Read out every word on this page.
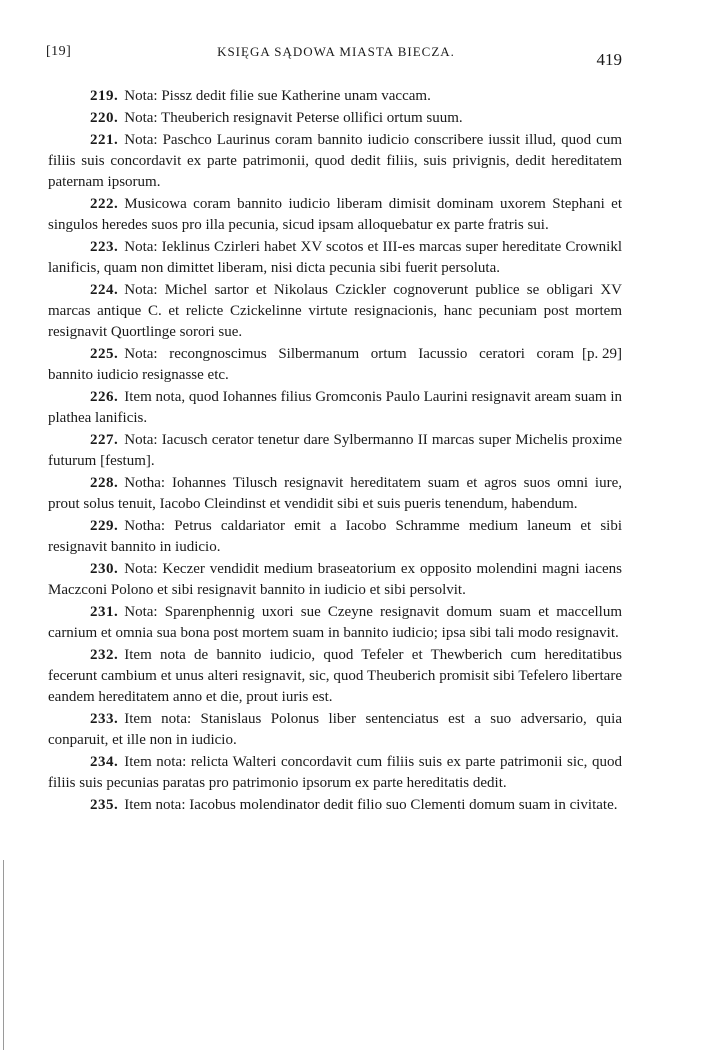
[19]	KSIĘGA SĄDOWA MIASTA BIECZA.	419

219. Nota: Pissz dedit filie sue Katherine unam vaccam.

220. Nota: Theuberich resignavit Peterse ollifici ortum suum.

221. Nota: Paschco Laurinus coram bannito iudicio conscribere iussit illud, quod cum filiis suis concordavit ex parte patrimonii, quod dedit filiis, suis privignis, dedit hereditatem paternam ipsorum.

222. Musicowa coram bannito iudicio liberam dimisit dominam uxorem Stephani et singulos heredes suos pro illa pecunia, sicud ipsam alloquebatur ex parte fratris sui.

223. Nota: Ieklinus Czirleri habet XV scotos et III-es marcas super hereditate Crownikl lanificis, quam non dimittet liberam, nisi dicta pecunia sibi fuerit persoluta.

224. Nota: Michel sartor et Nikolaus Czickler cognoverunt publice se obligari XV marcas antique C. et relicte Czickelinne virtute resignacionis, hanc pecuniam post mortem resignavit Quortlinge sorori sue.

[p. 29]
225. Nota: recongnoscimus Silbermanum ortum Iacussio ceratori coram bannito iudicio resignasse etc.

226. Item nota, quod Iohannes filius Gromconis Paulo Laurini resignavit aream suam in plathea lanificis.

227. Nota: Iacusch cerator tenetur dare Sylbermanno II marcas super Michelis proxime futurum [festum].

228. Notha: Iohannes Tilusch resignavit hereditatem suam et agros suos omni iure, prout solus tenuit, Iacobo Cleindinst et vendidit sibi et suis pueris tenendum, habendum.

229. Notha: Petrus caldariator emit a Iacobo Schramme medium laneum et sibi resignavit bannito in iudicio.

230. Nota: Keczer vendidit medium braseatorium ex opposito molendini magni iacens Maczconi Polono et sibi resignavit bannito in iudicio et sibi persolvit.

231. Nota: Sparenphennig uxori sue Czeyne resignavit domum suam et maccellum carnium et omnia sua bona post mortem suam in bannito iudicio; ipsa sibi tali modo resignavit.

232. Item nota de bannito iudicio, quod Tefeler et Thewberich cum hereditatibus fecerunt cambium et unus alteri resignavit, sic, quod Theuberich promisit sibi Tefelero libertare eandem hereditatem anno et die, prout iuris est.

233. Item nota: Stanislaus Polonus liber sentenciatus est a suo adversario, quia conparuit, et ille non in iudicio.

234. Item nota: relicta Walteri concordavit cum filiis suis ex parte patrimonii sic, quod filiis suis pecunias paratas pro patrimonio ipsorum ex parte hereditatis dedit.

235. Item nota: Iacobus molendinator dedit filio suo Clementi domum suam in civitate.
